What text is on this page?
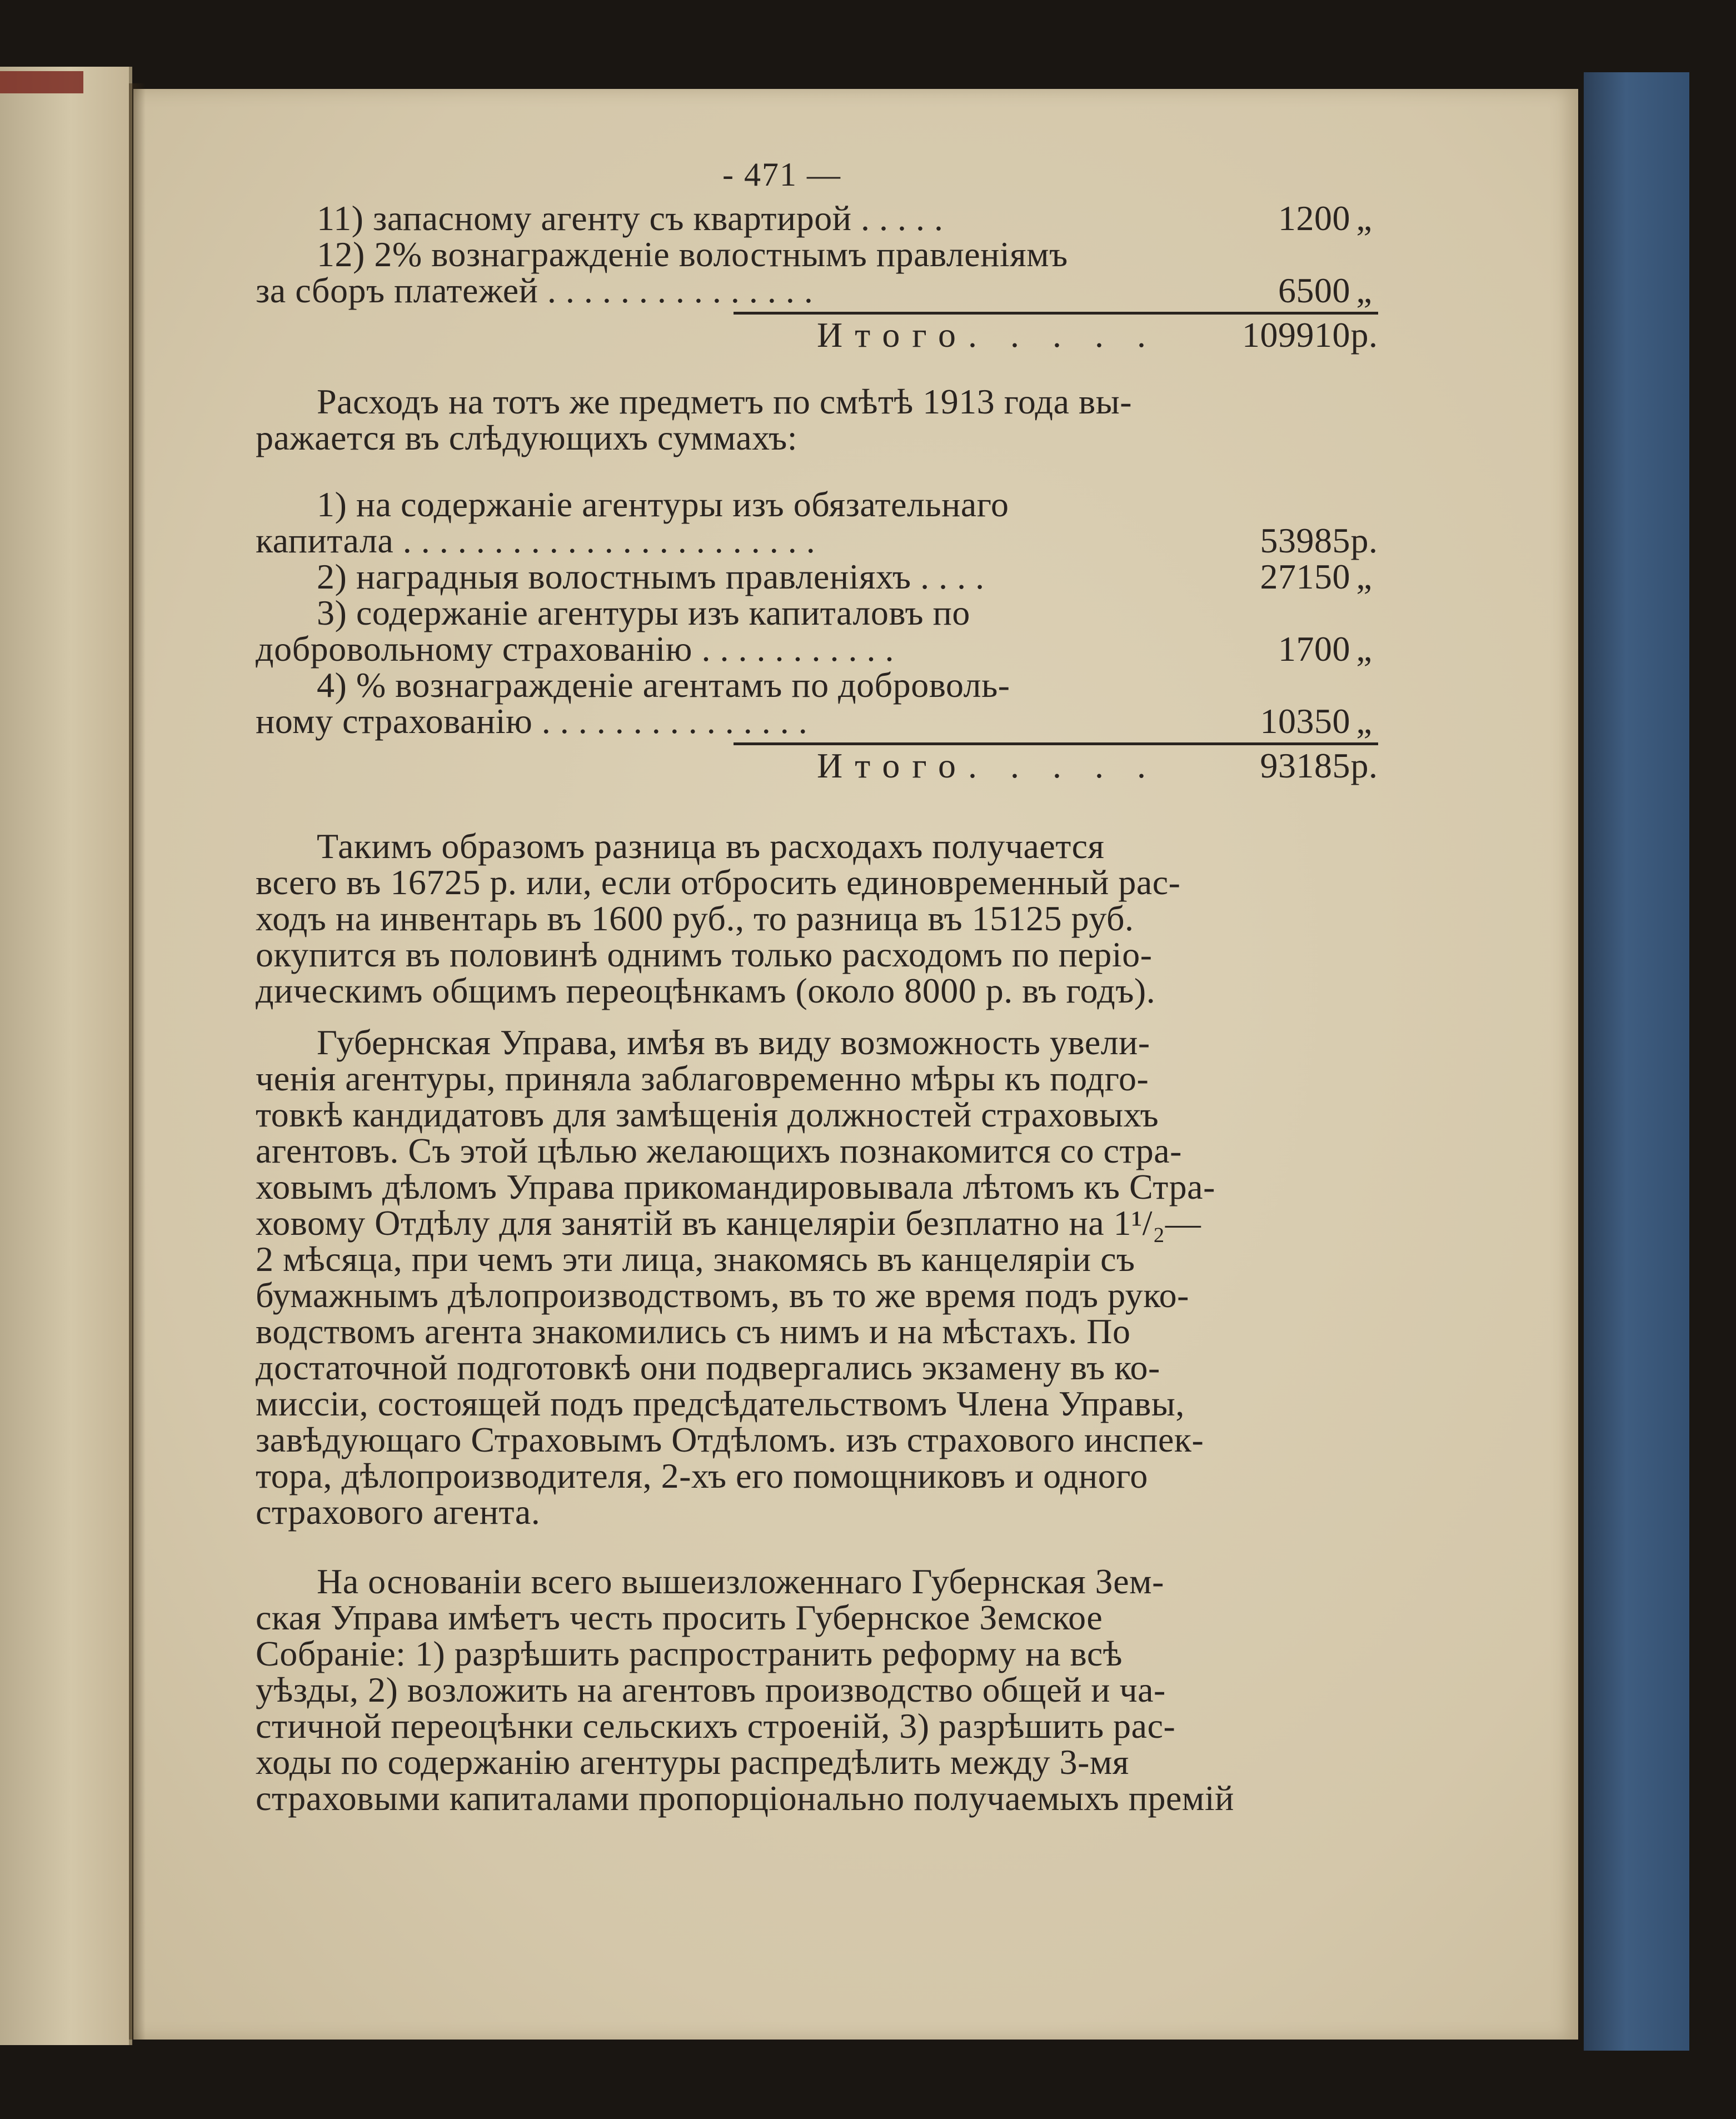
- 471 —
11) запасному агенту съ квартирой . . . . .	1200 „
12) 2% вознагражденіе волостнымъ правленіямъ
за сборъ платежей . . . . . . . . . . . . . . .	6500 „
Итого. . . . . 109910 р.
Расходъ на тотъ же предметъ по смѣтѣ 1913 года вы-
ражается въ слѣдующихъ суммахъ:
1) на содержаніе агентуры изъ обязательнаго
капитала . . . . . . . . . . . . . . . . . . . . . . .	53985 р.
2) наградныя волостнымъ правленіяхъ . . . .	27150 „
3) содержаніе агентуры изъ капиталовъ по
добровольному страхованію . . . . . . . . . . .	1700 „
4) % вознагражденіе агентамъ по доброволь-
ному страхованію . . . . . . . . . . . . . . .	10350 „
Итого. . . . .	93185 р.
Такимъ образомъ разница въ расходахъ получается
всего въ 16725 р. или, если отбросить единовременный рас-
ходъ на инвентарь въ 1600 руб., то разница въ 15125 руб.
окупится въ половинѣ однимъ только расходомъ по періо-
дическимъ общимъ переоцѣнкамъ (около 8000 р. въ годъ).
Губернская Управа, имѣя въ виду возможность увели-
ченія агентуры, приняла заблаговременно мѣры къ подго-
товкѣ кандидатовъ для замѣщенія должностей страховыхъ
агентовъ. Съ этой цѣлью желающихъ познакомится со стра-
ховымъ дѣломъ Управа прикомандировывала лѣтомъ къ Стра-
ховому Отдѣлу для занятій въ канцеляріи безплатно на 1¹/₂—
2 мѣсяца, при чемъ эти лица, знакомясь въ канцеляріи съ
бумажнымъ дѣлопроизводствомъ, въ то же время подъ руко-
водствомъ агента знакомились съ нимъ и на мѣстахъ. По
достаточной подготовкѣ они подвергались экзамену въ ко-
миссіи, состоящей подъ предсѣдательствомъ Члена Управы,
завѣдующаго Страховымъ Отдѣломъ. изъ страхового инспек-
тора, дѣлопроизводителя, 2-хъ его помощниковъ и одного
страхового агента.
На основаніи всего вышеизложеннаго Губернская Зем-
ская Управа имѣетъ честь просить Губернское Земское
Собраніе: 1) разрѣшить распространить реформу на всѣ
уѣзды, 2) возложить на агентовъ производство общей и ча-
стичной переоцѣнки сельскихъ строеній, 3) разрѣшить рас-
ходы по содержанію агентуры распредѣлить между 3-мя
страховыми капиталами пропорціонально получаемыхъ премій
